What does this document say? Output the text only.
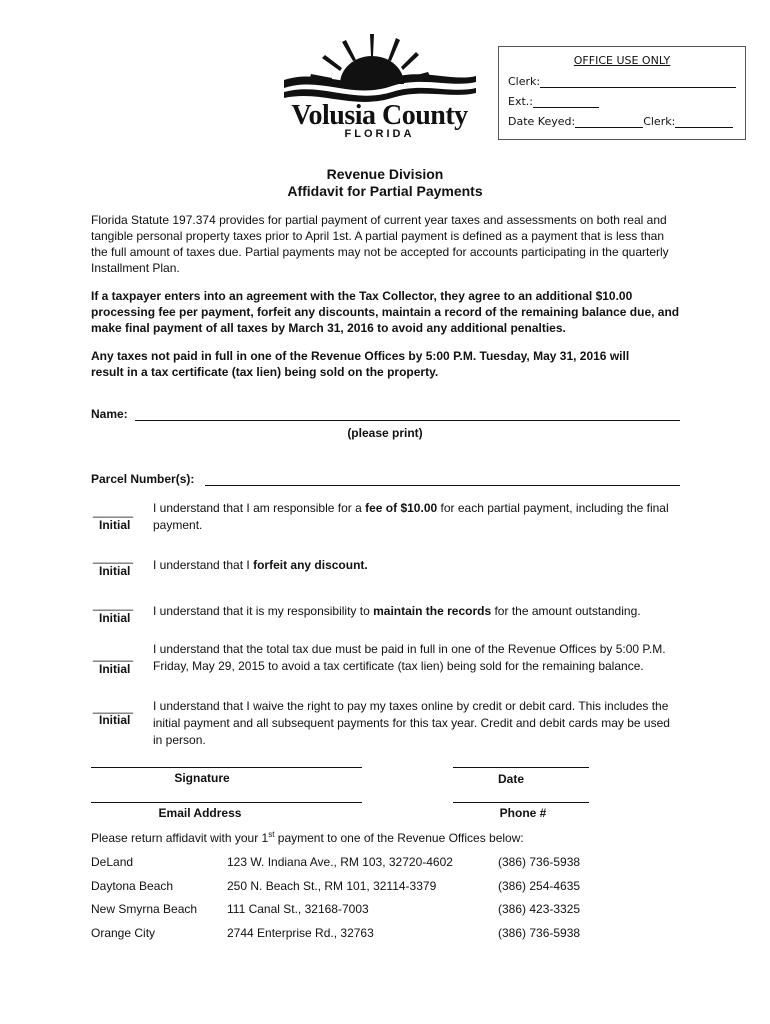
Volusia County
FLORIDA
OFFICE USE ONLY
Clerk:
Ext.:
Date Keyed:	Clerk:
Revenue Division
Affidavit for Partial Payments
Florida Statute 197.374 provides for partial payment of current year taxes and assessments on both real and tangible personal property taxes prior to April 1st. A partial payment is defined as a payment that is less than the full amount of taxes due. Partial payments may not be accepted for accounts participating in the quarterly Installment Plan.
If a taxpayer enters into an agreement with the Tax Collector, they agree to an additional $10.00 processing fee per payment, forfeit any discounts, maintain a record of the remaining balance due, and make final payment of all taxes by March 31, 2016 to avoid any additional penalties.
Any taxes not paid in full in one of the Revenue Offices by 5:00 P.M. Tuesday, May 31, 2016 will result in a tax certificate (tax lien) being sold on the property.
Name:
(please print)
Parcel Number(s):
______
Initial
I understand that I am responsible for a fee of $10.00 for each partial payment, including the final payment.
______
Initial I understand that I forfeit any discount.
______
Initial I understand that it is my responsibility to maintain the records for the amount outstanding.
______
Initial
I understand that the total tax due must be paid in full in one of the Revenue Offices by 5:00 P.M. Friday, May 29, 2015 to avoid a tax certificate (tax lien) being sold for the remaining balance.
______
Initial
I understand that I waive the right to pay my taxes online by credit or debit card. This includes the initial payment and all subsequent payments for this tax year. Credit and debit cards may be used in person.
Signature	Date
Email Address	Phone #
Please return affidavit with your 1st payment to one of the Revenue Offices below:
DeLand	123 W. Indiana Ave., RM 103, 32720-4602	(386) 736-5938
Daytona Beach	250 N. Beach St., RM 101, 32114-3379	(386) 254-4635
New Smyrna Beach 111 Canal St., 32168-7003	(386) 423-3325
Orange City	2744 Enterprise Rd., 32763	(386) 736-5938
